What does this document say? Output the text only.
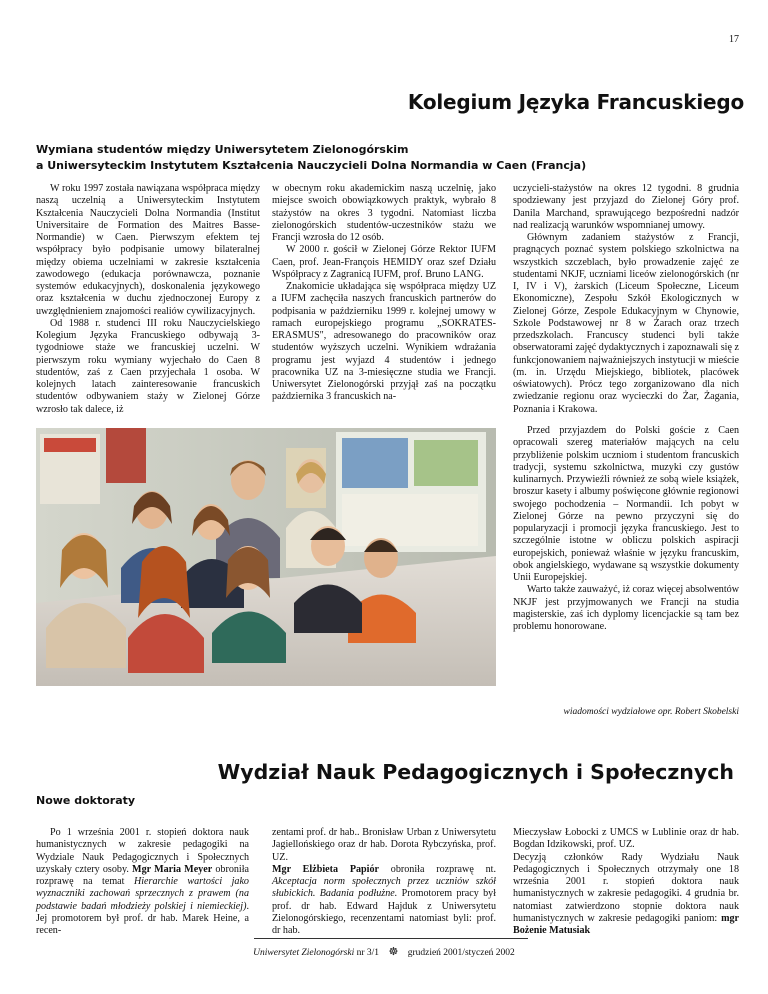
17
Kolegium Języka Francuskiego
Wymiana studentów między Uniwersytetem Zielonogórskim
a Uniwersyteckim Instytutem Kształcenia Nauczycieli Dolna Normandia w Caen (Francja)

W roku 1997 została nawiązana współpraca między naszą uczelnią a Uniwersyteckim Instytutem Kształcenia Nauczycieli Dolna Normandia (Institut Universitaire de Formation des Maitres Basse-Normandie) w Caen. Pierwszym efektem tej współpracy było podpisanie umowy bilateralnej między obiema uczelniami w zakresie kształcenia zawodowego (edukacja porównawcza, poznanie systemów edukacyjnych), doskonalenia językowego oraz kształcenia w duchu zjednoczonej Europy z uwzględnieniem znajomości realiów cywilizacyjnych.

Od 1988 r. studenci III roku Nauczycielskiego Kolegium Języka Francuskiego odbywają 3-tygodniowe staże we francuskiej uczelni. W pierwszym roku wymiany wyjechało do Caen 8 studentów, zaś z Caen przyjechała 1 osoba. W kolejnych latach zainteresowanie francuskich studentów odbywaniem staży w Zielonej Górze wzrosło tak dalece, iż

w obecnym roku akademickim naszą uczelnię, jako miejsce swoich obowiązkowych praktyk, wybrało 8 stażystów na okres 3 tygodni. Natomiast liczba zielonogórskich studentów-uczestników stażu we Francji wzrosła do 12 osób.

W 2000 r. gościł w Zielonej Górze Rektor IUFM Caen, prof. Jean-François HEMIDY oraz szef Działu Współpracy z Zagranicą IUFM, prof. Bruno LANG.

Znakomicie układająca się współpraca między UZ a IUFM zachęciła naszych francuskich partnerów do podpisania w październiku 1999 r. kolejnej umowy w ramach europejskiego programu „SOKRATES-ERASMUS", adresowanego do pracowników oraz studentów wyższych uczelni. Wynikiem wdrażania programu jest wyjazd 4 studentów i jednego pracownika UZ na 3-miesięczne studia we Francji. Uniwersytet Zielonogórski przyjął zaś na początku października 3 francuskich na-

uczycieli-stażystów na okres 12 tygodni. 8 grudnia spodziewany jest przyjazd do Zielonej Góry prof. Danila Marchand, sprawującego bezpośredni nadzór nad realizacją warunków wspomnianej umowy.

Głównym zadaniem stażystów z Francji, pragnących poznać system polskiego szkolnictwa na wszystkich szczeblach, było prowadzenie zajęć ze studentami NKJF, uczniami liceów zielonogórskich (nr I, IV i V), żarskich (Liceum Społeczne, Liceum Ekonomiczne), Zespołu Szkół Ekologicznych w Zielonej Górze, Zespole Edukacyjnym w Chynowie, Szkole Podstawowej nr 8 w Żarach oraz trzech przedszkolach. Francuscy studenci byli także obserwatorami zajęć dydaktycznych i zapoznawali się z funkcjonowaniem najważniejszych instytucji w mieście (m. in. Urzędu Miejskiego, bibliotek, placówek oświatowych). Prócz tego zorganizowano dla nich zwiedzanie regionu oraz wycieczki do Żar, Żagania, Poznania i Krakowa.

Przed przyjazdem do Polski goście z Caen opracowali szereg materiałów mających na celu przybliżenie polskim uczniom i studentom francuskich tradycji, systemu szkolnictwa, muzyki czy gustów kulinarnych. Przywieźli również ze sobą wiele książek, broszur kasety i albumy poświęcone głównie regionowi swojego pochodzenia – Normandii. Ich pobyt w Zielonej Górze na pewno przyczyni się do popularyzacji i promocji języka francuskiego. Jest to szczególnie istotne w obliczu polskich aspiracji europejskich, ponieważ właśnie w języku francuskim, obok angielskiego, wydawane są wszystkie dokumenty Unii Europejskiej.

Warto także zauważyć, iż coraz więcej absolwentów NKJF jest przyjmowanych we Francji na studia magisterskie, zaś ich dyplomy licencjackie są tam bez problemu honorowane.

wiadomości wydziałowe opr. Robert Skobelski
Wydział Nauk Pedagogicznych i Społecznych
Nowe doktoraty

Po 1 września 2001 r. stopień doktora nauk humanistycznych w zakresie pedagogiki na Wydziale Nauk Pedagogicznych i Społecznych uzyskały cztery osoby. Mgr Maria Meyer obroniła rozprawę na temat Hierarchie wartości jako wyznaczniki zachowań sprzecznych z prawem (na podstawie badań młodzieży polskiej i niemieckiej). Jej promotorem był prof. dr hab. Marek Heine, a recen-

zentami prof. dr hab.. Bronisław Urban z Uniwersytetu Jagiellońskiego oraz dr hab. Dorota Rybczyńska, prof. UZ.
Mgr Elżbieta Papiór obroniła rozprawę nt. Akceptacja norm społecznych przez uczniów szkół słubickich. Badania podłużne. Promotorem pracy był prof. dr hab. Edward Hajduk z Uniwersytetu Zielonogórskiego, recenzentami natomiast byli: prof. dr hab.

Mieczysław Łobocki z UMCS w Lublinie oraz dr hab. Bogdan Idzikowski, prof. UZ.
Decyzją członków Rady Wydziału Nauk Pedagogicznych i Społecznych otrzymały one 18 września 2001 r. stopień doktora nauk humanistycznych w zakresie pedagogiki. 4 grudnia br. natomiast zatwierdzono stopnie doktora nauk humanistycznych w zakresie pedagogiki paniom: mgr Bożenie Matusiak

Uniwersytet Zielonogórski nr 3/1 ☸ grudzień 2001/styczeń 2002
